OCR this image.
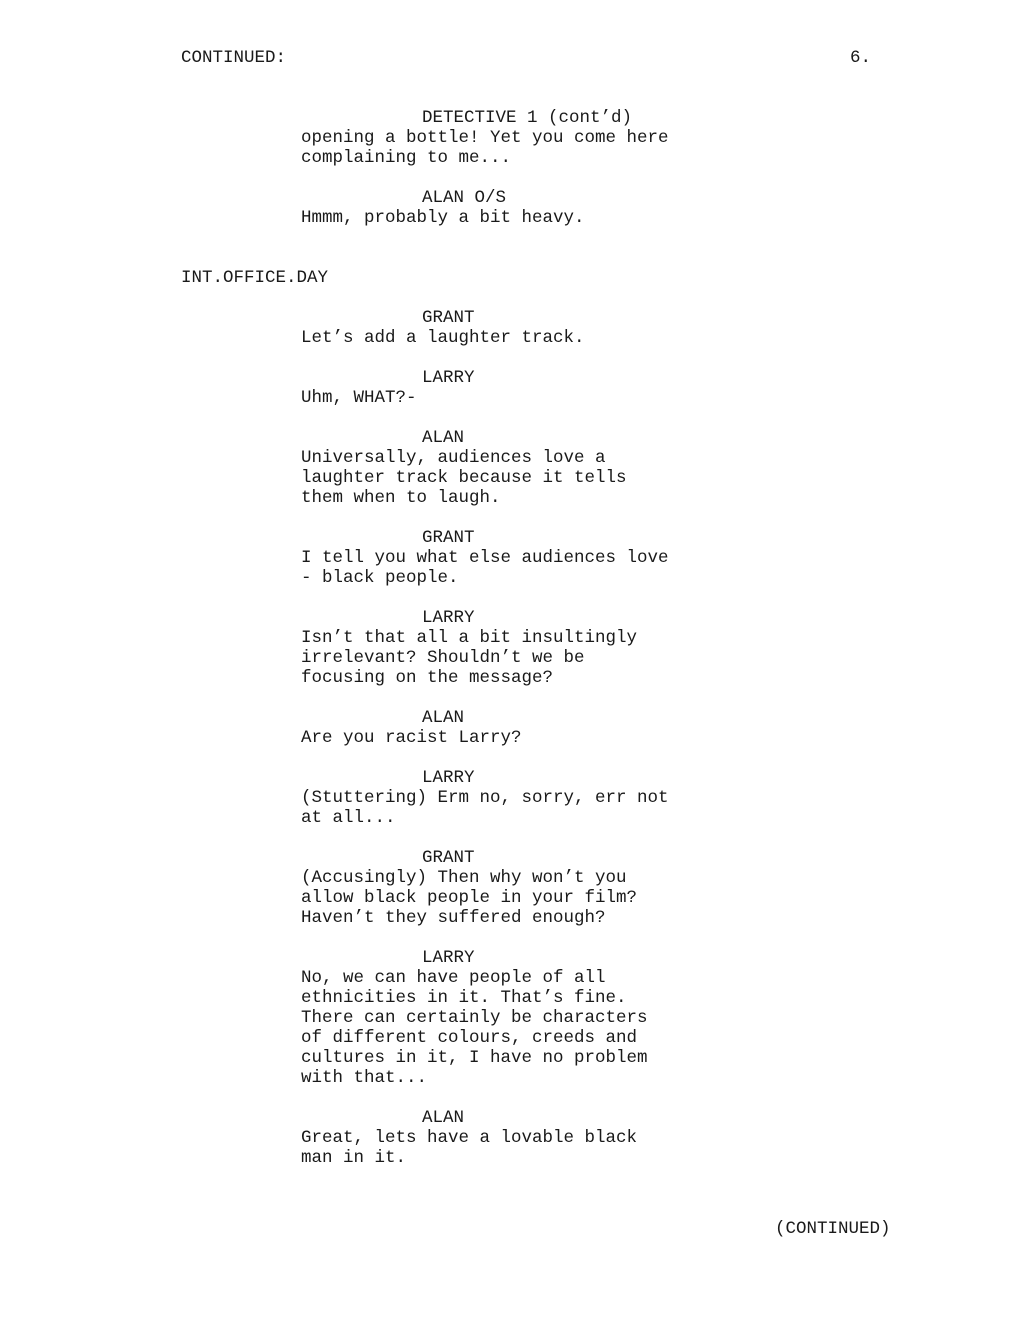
CONTINUED:	6.
DETECTIVE 1 (cont’d)
opening a bottle! Yet you come here
complaining to me...
ALAN O/S
Hmmm, probably a bit heavy.
INT.OFFICE.DAY
GRANT
Let’s add a laughter track.
LARRY
Uhm, WHAT?-
ALAN
Universally, audiences love a
laughter track because it tells
them when to laugh.
GRANT
I tell you what else audiences love
- black people.
LARRY
Isn’t that all a bit insultingly
irrelevant? Shouldn’t we be
focusing on the message?
ALAN
Are you racist Larry?
LARRY
(Stuttering) Erm no, sorry, err not
at all...
GRANT
(Accusingly) Then why won’t you
allow black people in your film?
Haven’t they suffered enough?
LARRY
No, we can have people of all
ethnicities in it. That’s fine.
There can certainly be characters
of different colours, creeds and
cultures in it, I have no problem
with that...
ALAN
Great, lets have a lovable black
man in it.
(CONTINUED)
